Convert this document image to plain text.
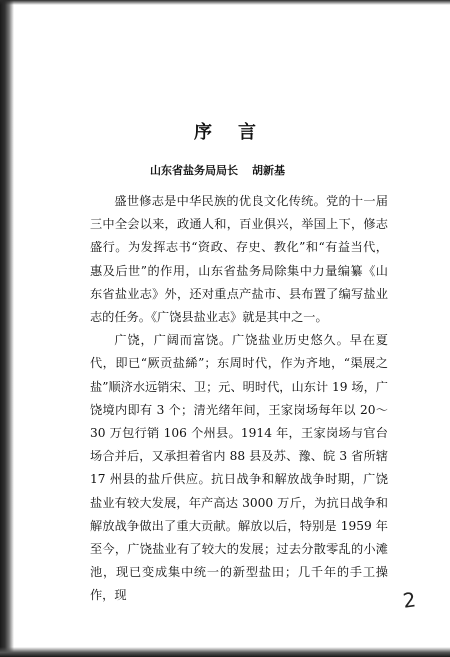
序言
山东省盐务局局长 胡新基

盛世修志是中华民族的优良文化传统。党的十一届三中全会以来，政通人和，百业俱兴，举国上下，修志盛行。为发挥志书“资政、存史、教化”和“有益当代，惠及后世”的作用，山东省盐务局除集中力量编纂《山东省盐业志》外，还对重点产盐市、县布置了编写盐业志的任务。《广饶县盐业志》就是其中之一。

广饶，广阔而富饶。广饶盐业历史悠久。早在夏代，即已“厥贡盐絺”；东周时代，作为齐地，“渠展之盐”顺济水远销宋、卫；元、明时代，山东计 19 场，广饶境内即有 3 个；清光绪年间，王家岗场每年以 20～30 万包行销 106 个州县。1914 年，王家岗场与官台场合并后，又承担着省内 88 县及苏、豫、皖 3 省所辖 17 州县的盐斤供应。抗日战争和解放战争时期，广饶盐业有较大发展，年产高达 3000 万斤，为抗日战争和解放战争做出了重大贡献。解放以后，特别是 1959 年至今，广饶盐业有了较大的发展；过去分散零乱的小滩池，现已变成集中统一的新型盐田；几千年的手工操作，现	2
